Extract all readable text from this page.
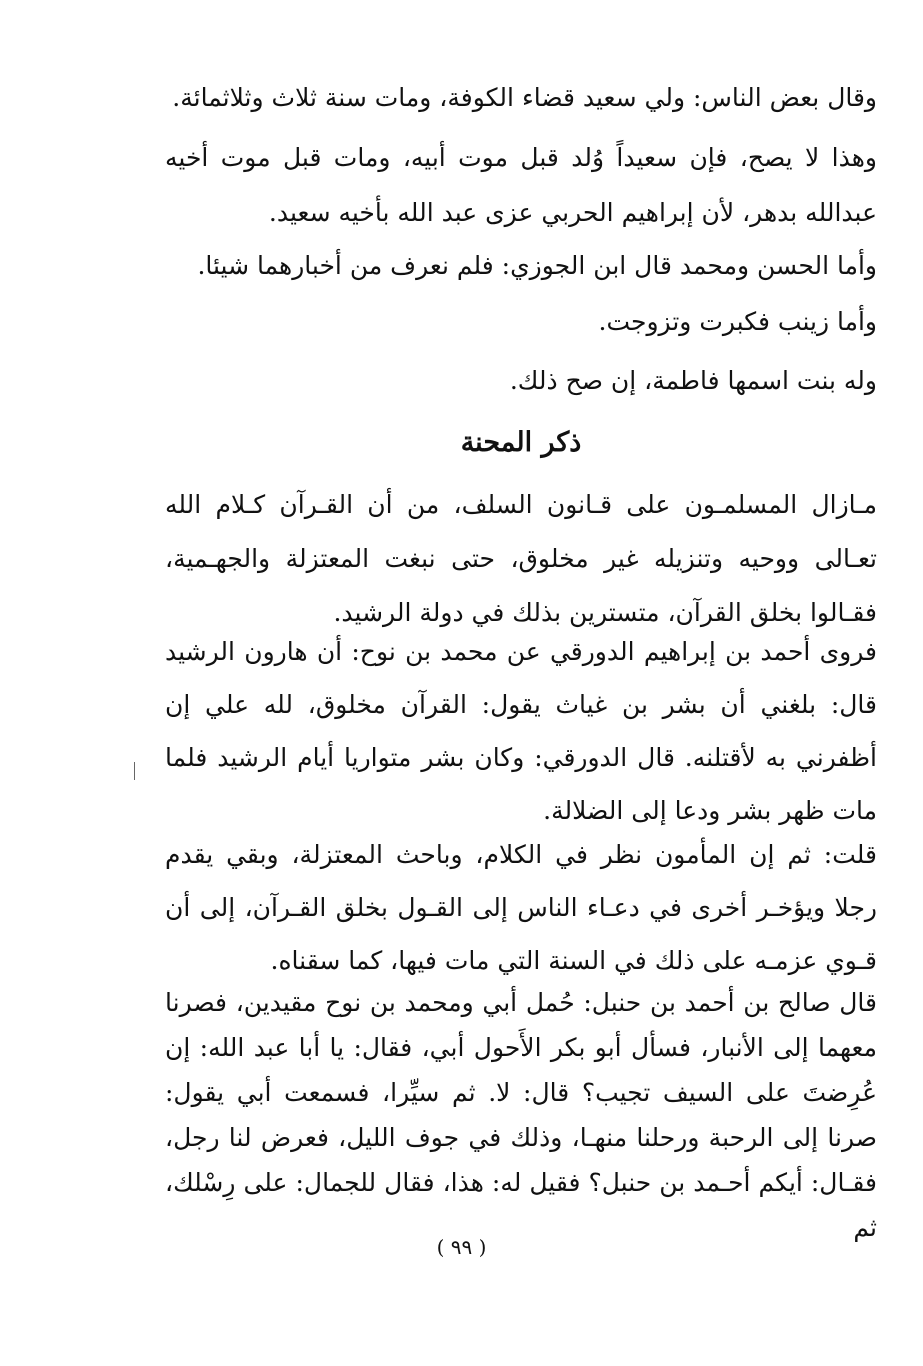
وقال بعض الناس: ولي سعيد قضاء الكوفة، ومات سنة ثلاث وثلاثمائة.

وهذا لا يصح، فإن سعيداً وُلد قبل موت أبيه، ومات قبل موت أخيه عبدالله بدهر، لأن إبراهيم الحربي عزى عبد الله بأخيه سعيد.

وأما الحسن ومحمد قال ابن الجوزي: فلم نعرف من أخبارهما شيئا.

وأما زينب فكبرت وتزوجت.

وله بنت اسمها فاطمة، إن صح ذلك.

ذكر المحنة

مـازال المسلمـون على قـانون السلف، من أن القـرآن كـلام الله تعـالى ووحيه وتنزيله غير مخلوق، حتى نبغت المعتزلة والجهـمية، فقـالوا بخلق القرآن، متسترين بذلك في دولة الرشيد.

فروى أحمد بن إبراهيم الدورقي عن محمد بن نوح: أن هارون الرشيد قال: بلغني أن بشر بن غياث يقول: القرآن مخلوق، لله علي إن أظفرني به لأقتلنه. قال الدورقي: وكان بشر متواريا أيام الرشيد فلما مات ظهر بشر ودعا إلى الضلالة.

قلت: ثم إن المأمون نظر في الكلام، وباحث المعتزلة، وبقي يقدم رجلا ويؤخـر أخرى في دعـاء الناس إلى القـول بخلق القـرآن، إلى أن قـوي عزمـه على ذلك في السنة التي مات فيها، كما سقناه.

قال صالح بن أحمد بن حنبل: حُمل أبي ومحمد بن نوح مقيدين، فصرنا معهما إلى الأنبار، فسأل أبو بكر الأَحول أبي، فقال: يا أبا عبد الله: إن عُرِضتَ على السيف تجيب؟ قال: لا. ثم سيِّرا، فسمعت أبي يقول: صرنا إلى الرحبة ورحلنا منهـا، وذلك في جوف الليل، فعرض لنا رجل، فقـال: أيكم أحـمد بن حنبل؟ فقيل له: هذا، فقال للجمال: على رِسْلك، ثم

( ٩٩ )
